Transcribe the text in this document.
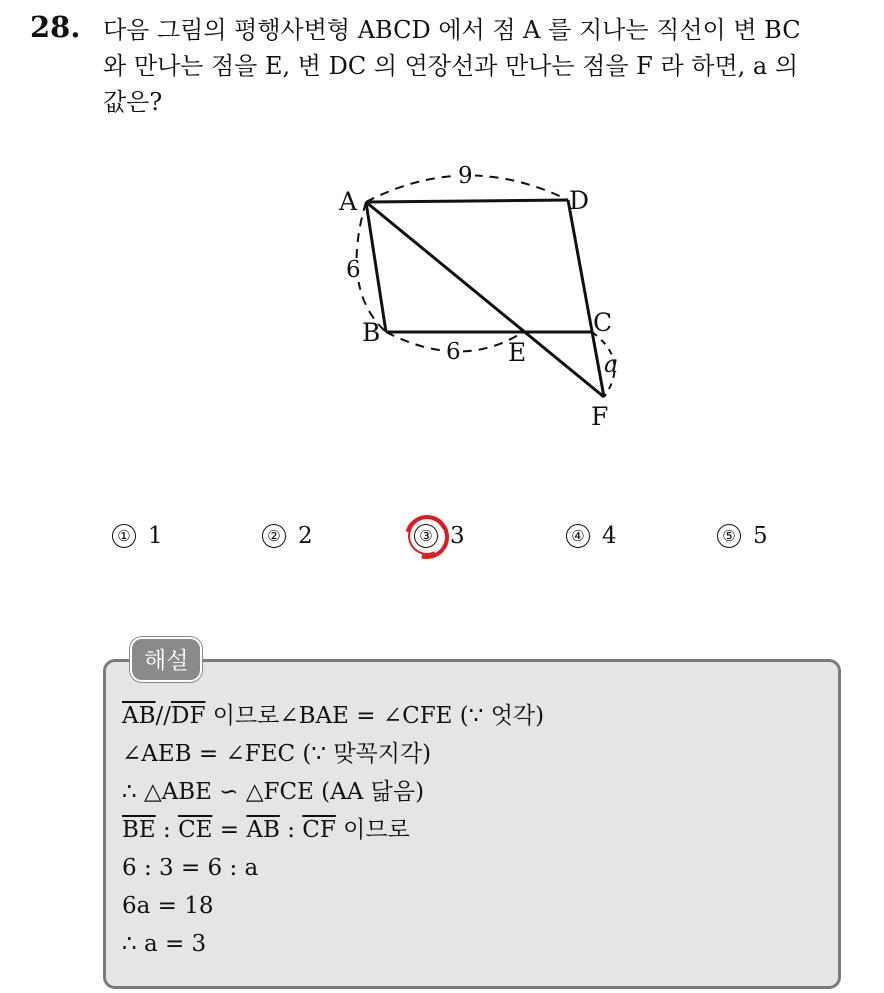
28. 다음 그림의 평행사변형 ABCD 에서 점 A 를 지나는 직선이 변 BC
와 만나는 점을 E, 변 DC 의 연장선과 만나는 점을 F 라 하면, a 의
값은?
A	D
B	C
E
F
9
6
6	a
① 1	② 2	③ 3	④ 4	⑤ 5
해설
$\overline{AB}//\overline{DF}$ 이므로∠BAE = ∠CFE (∵ 엇각)
∠AEB = ∠FEC (∵ 맞꼭지각)
∴ △ABE ∽ △FCE (AA 닮음)
$\overline{BE}$ : $\overline{CE} = \overline{AB}$ : $\overline{CF}$ 이므로
6 : 3 = 6 : a
6a = 18
∴ a = 3
